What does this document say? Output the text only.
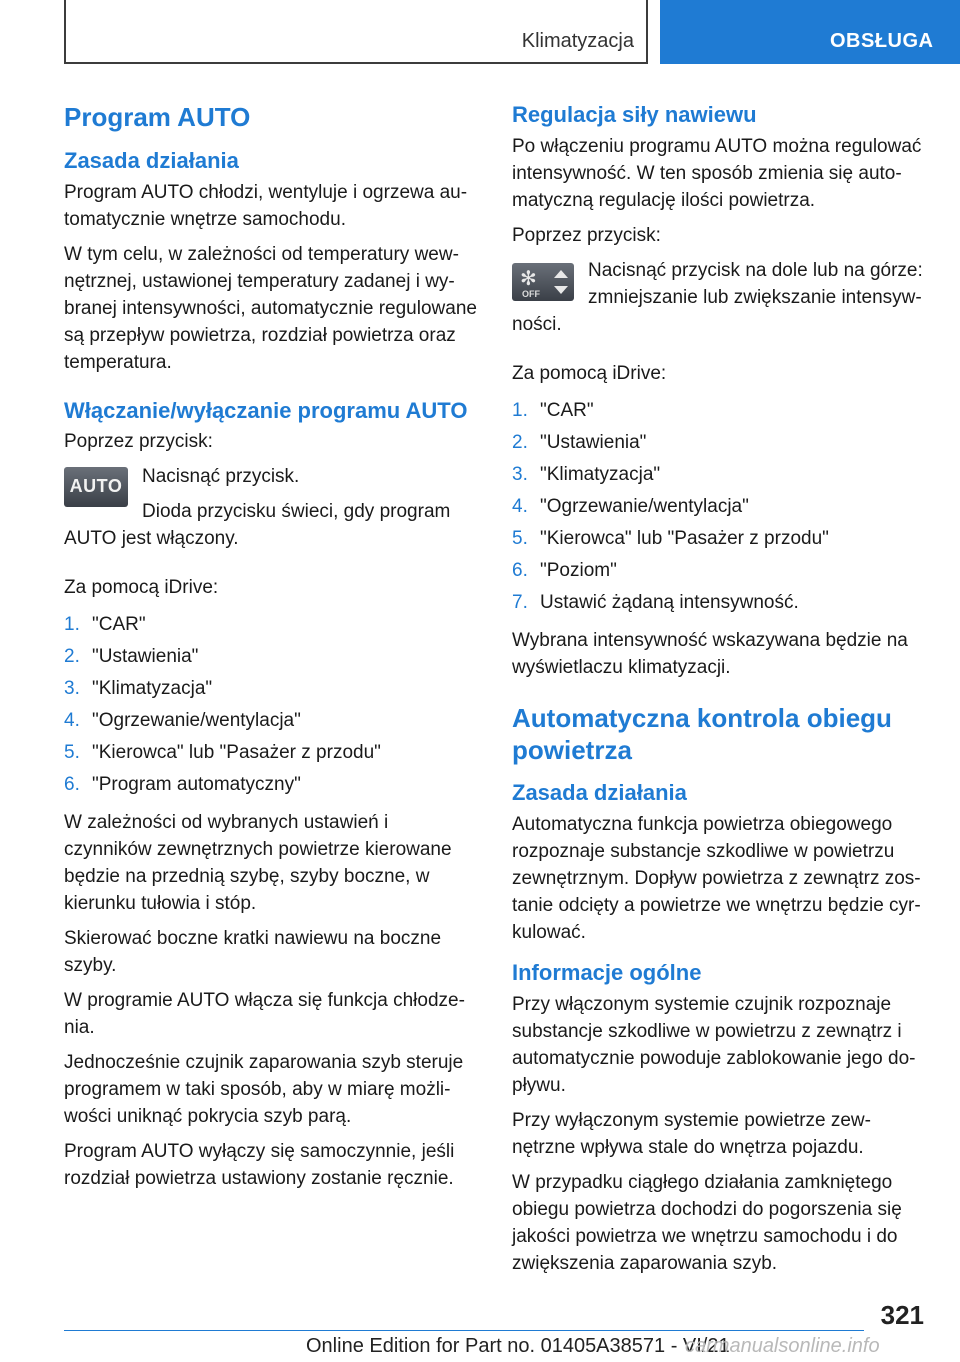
Klimatyzacja	OBSŁUGA
Program AUTO
Zasada działania

Program AUTO chłodzi, wentyluje i ogrzewa au-tomatycznie wnętrze samochodu.

W tym celu, w zależności od temperatury wew-nętrznej, ustawionej temperatury zadanej i wy-branej intensywności, automatycznie regulowane są przepływ powietrza, rozdział powietrza oraz temperatura.

Włączanie/wyłączanie programu AUTO

Poprzez przycisk:

AUTO	Nacisnąć przycisk.

Dioda przycisku świeci, gdy program AUTO jest włączony.

Za pomocą iDrive:

1. "CAR"
2. "Ustawienia"
3. "Klimatyzacja"
4. "Ogrzewanie/wentylacja"
5. "Kierowca" lub "Pasażer z przodu"
6. "Program automatyczny"

W zależności od wybranych ustawień i czynników zewnętrznych powietrze kierowane będzie na przednią szybę, szyby boczne, w kierunku tułowia i stóp.

Skierować boczne kratki nawiewu na boczne szyby.

W programie AUTO włącza się funkcja chłodze-nia.

Jednocześnie czujnik zaparowania szyb steruje programem w taki sposób, aby w miarę możli-wości uniknąć pokrycia szyb parą.

Program AUTO wyłączy się samoczynnie, jeśli rozdział powietrza ustawiony zostanie ręcznie.

Regulacja siły nawiewu

Po włączeniu programu AUTO można regulować intensywność. W ten sposób zmienia się auto-matyczną regulację ilości powietrza.

Poprzez przycisk:

✻
OFF

Nacisnąć przycisk na dole lub na górze: zmniejszanie lub zwiększanie intensyw-ności.

Za pomocą iDrive:

1. "CAR"
2. "Ustawienia"
3. "Klimatyzacja"
4. "Ogrzewanie/wentylacja"
5. "Kierowca" lub "Pasażer z przodu"
6. "Poziom"
7. Ustawić żądaną intensywność.

Wybrana intensywność wskazywana będzie na wyświetlaczu klimatyzacji.

Automatyczna kontrola obiegu powietrza
Zasada działania

Automatyczna funkcja powietrza obiegowego rozpoznaje substancje szkodliwe w powietrzu zewnętrznym. Dopływ powietrza z zewnątrz zos-tanie odcięty a powietrze we wnętrzu będzie cyr-kulować.

Informacje ogólne

Przy włączonym systemie czujnik rozpoznaje substancje szkodliwe w powietrzu z zewnątrz i automatycznie powoduje zablokowanie jego do-pływu.

Przy wyłączonym systemie powietrze zew-nętrzne wpływa stale do wnętrza pojazdu.

W przypadku ciągłego działania zamkniętego obiegu powietrza dochodzi do pogorszenia się jakości powietrza we wnętrzu samochodu i do zwiększenia zaparowania szyb.

321
Online Edition for Part no. 01405A38571 - VI/21
carmanualsonline.info
